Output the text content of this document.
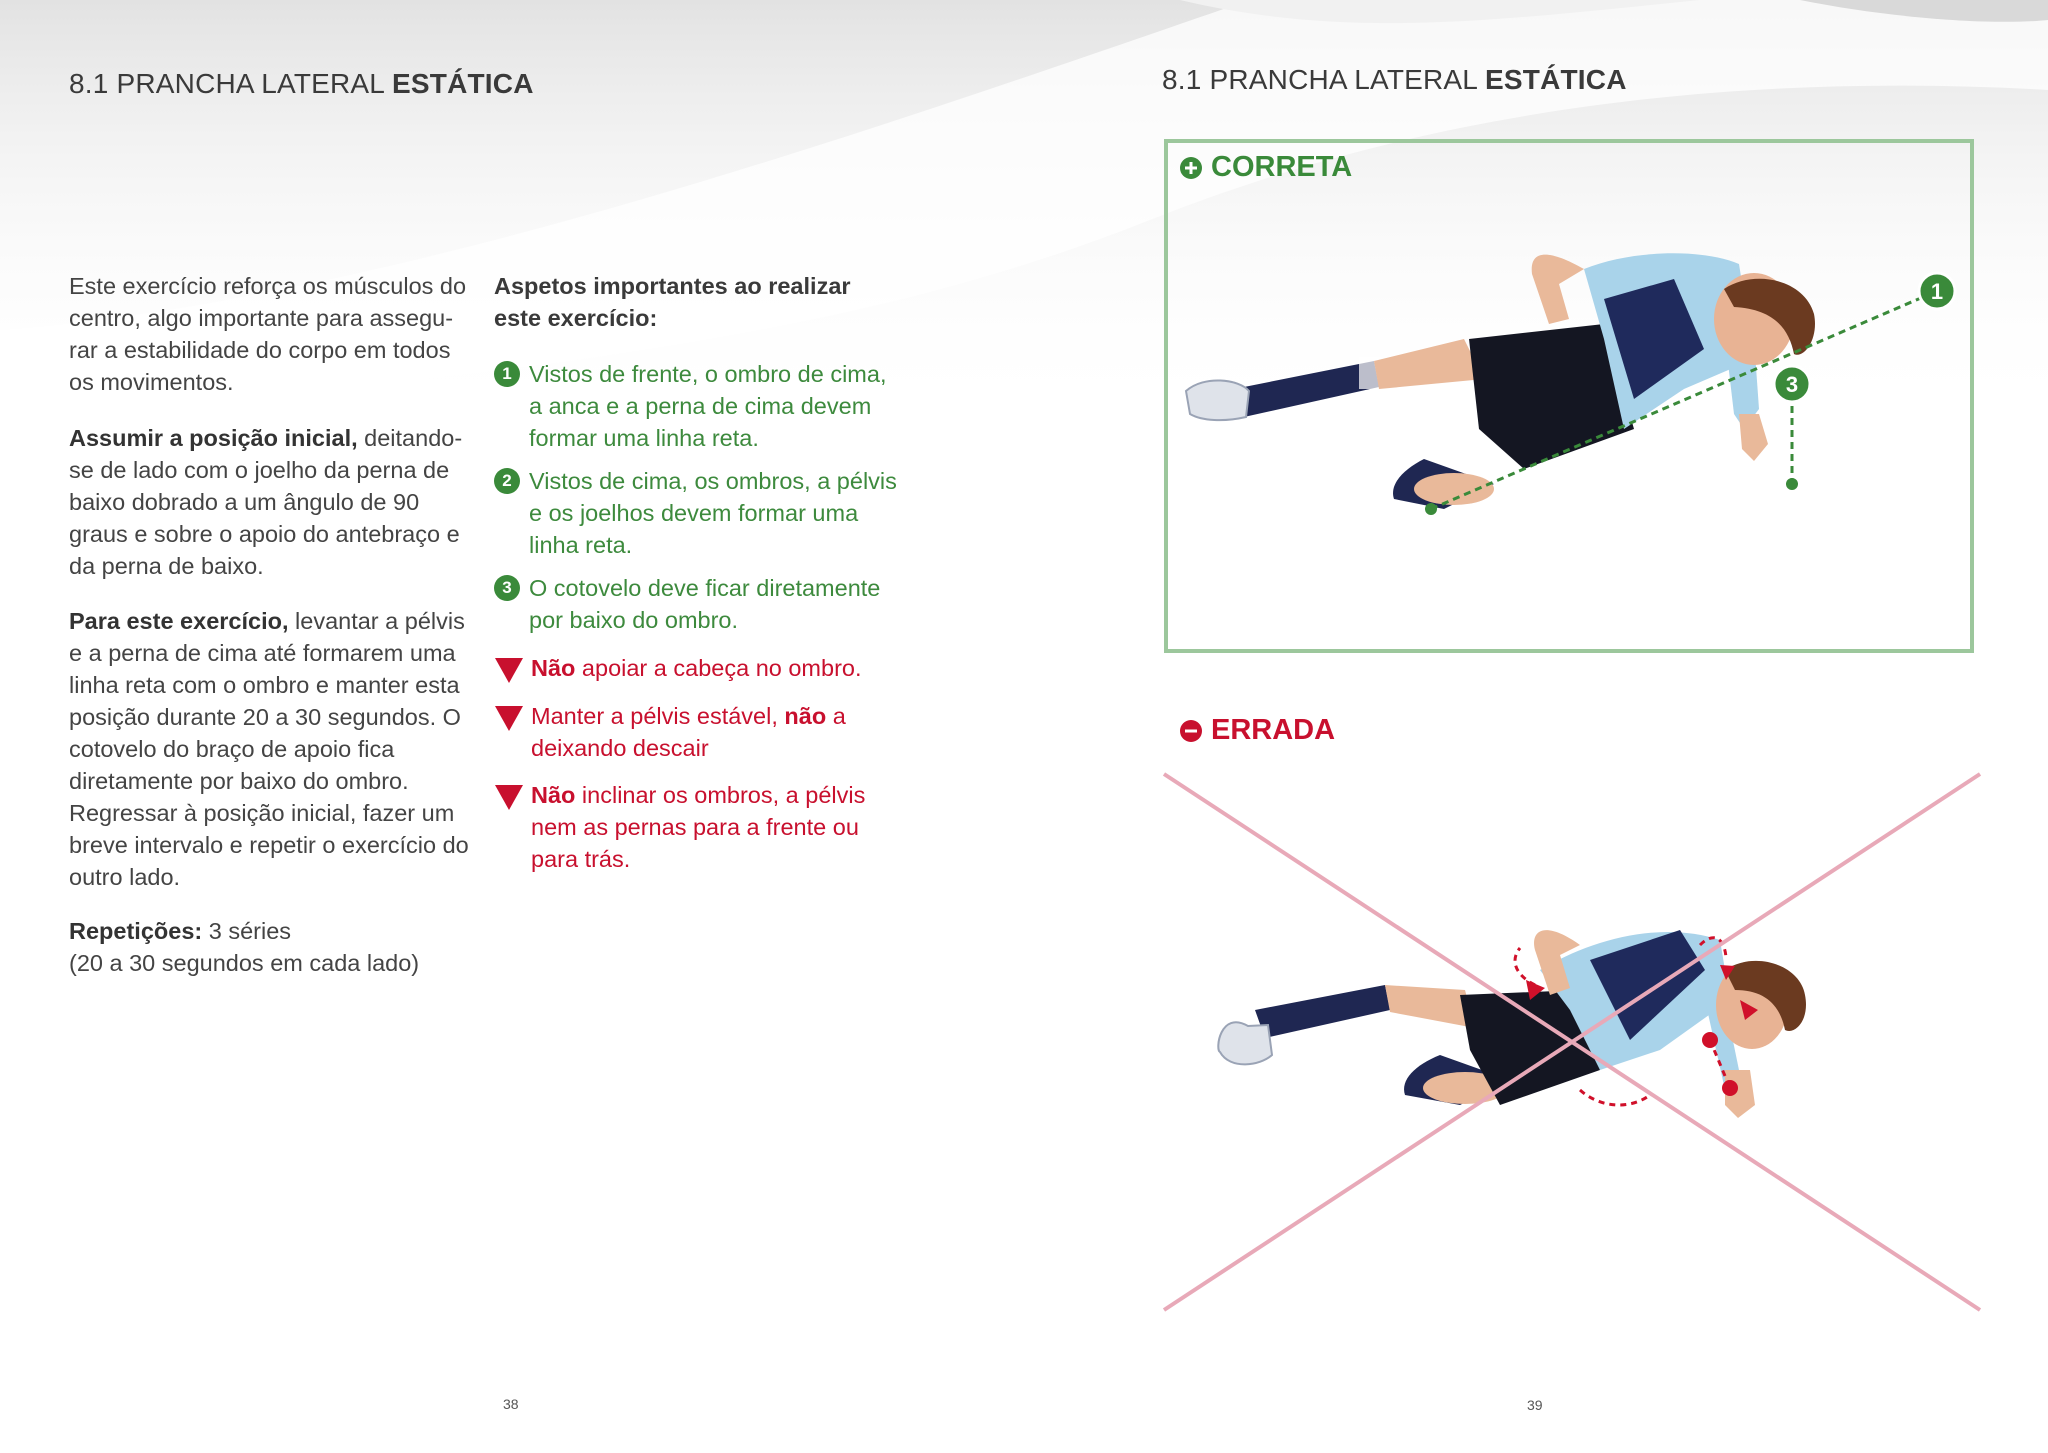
8.1 PRANCHA LATERAL ESTÁTICA
Este exercício reforça os músculos do centro, algo importante para assegurar a estabilidade do corpo em todos os movimentos.
Assumir a posição inicial, deitando-se de lado com o joelho da perna de baixo dobrado a um ângulo de 90 graus e sobre o apoio do antebraço e da perna de baixo.
Para este exercício, levantar a pélvis e a perna de cima até formarem uma linha reta com o ombro e manter esta posição durante 20 a 30 segundos. O cotovelo do braço de apoio fica diretamente por baixo do ombro. Regressar à posição inicial, fazer um breve intervalo e repetir o exercício do outro lado.
Repetições: 3 séries
(20 a 30 segundos em cada lado)
Aspetos importantes ao realizar este exercício:
1 Vistos de frente, o ombro de cima, a anca e a perna de cima devem formar uma linha reta.
2 Vistos de cima, os ombros, a pélvis e os joelhos devem formar uma linha reta.
3 O cotovelo deve ficar diretamente por baixo do ombro.
Não apoiar a cabeça no ombro.
Manter a pélvis estável, não a deixando descair
Não inclinar os ombros, a pélvis nem as pernas para a frente ou para trás.
38
8.1 PRANCHA LATERAL ESTÁTICA
CORRETA
1
3
ERRADA
39
